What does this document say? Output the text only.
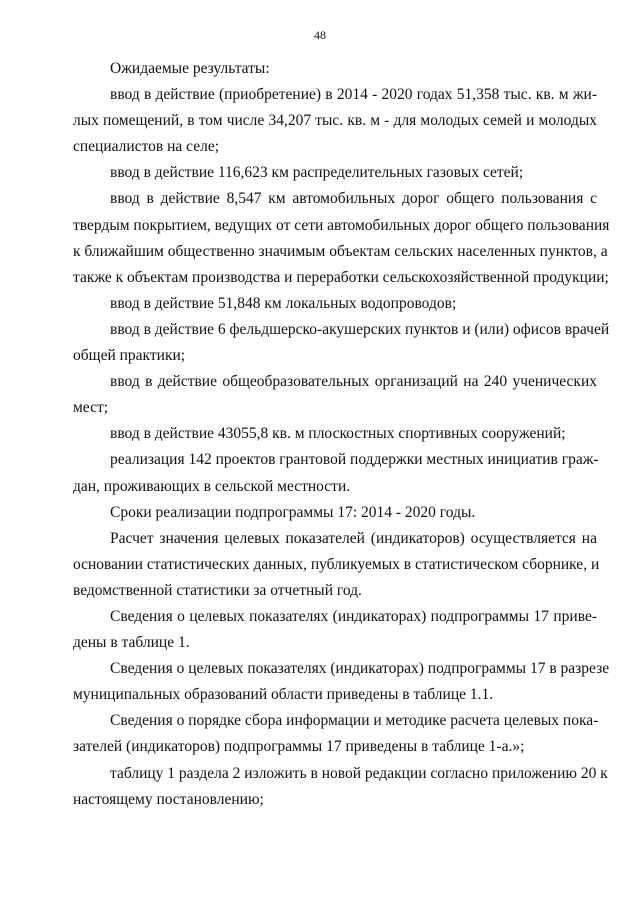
48
Ожидаемые результаты:
ввод в действие (приобретение) в 2014 - 2020 годах 51,358 тыс. кв. м жи-
лых помещений, в том числе 34,207 тыс. кв. м - для молодых семей и молодых
специалистов на селе;
ввод в действие 116,623 км распределительных газовых сетей;
ввод в действие 8,547 км автомобильных дорог общего пользования с
твердым покрытием, ведущих от сети автомобильных дорог общего пользования
к ближайшим общественно значимым объектам сельских населенных пунктов, а
также к объектам производства и переработки сельскохозяйственной продукции;
ввод в действие 51,848 км локальных водопроводов;
ввод в действие 6 фельдшерско-акушерских пунктов и (или) офисов врачей
общей практики;
ввод в действие общеобразовательных организаций на 240 ученических
мест;
ввод в действие 43055,8 кв. м плоскостных спортивных сооружений;
реализация 142 проектов грантовой поддержки местных инициатив граж-
дан, проживающих в сельской местности.
Сроки реализации подпрограммы 17: 2014 - 2020 годы.
Расчет значения целевых показателей (индикаторов) осуществляется на
основании статистических данных, публикуемых в статистическом сборнике, и
ведомственной статистики за отчетный год.
Сведения о целевых показателях (индикаторах) подпрограммы 17 приве-
дены в таблице 1.
Сведения о целевых показателях (индикаторах) подпрограммы 17 в разрезе
муниципальных образований области приведены в таблице 1.1.
Сведения о порядке сбора информации и методике расчета целевых пока-
зателей (индикаторов) подпрограммы 17 приведены в таблице 1-а.»;
таблицу 1 раздела 2 изложить в новой редакции согласно приложению 20 к
настоящему постановлению;
